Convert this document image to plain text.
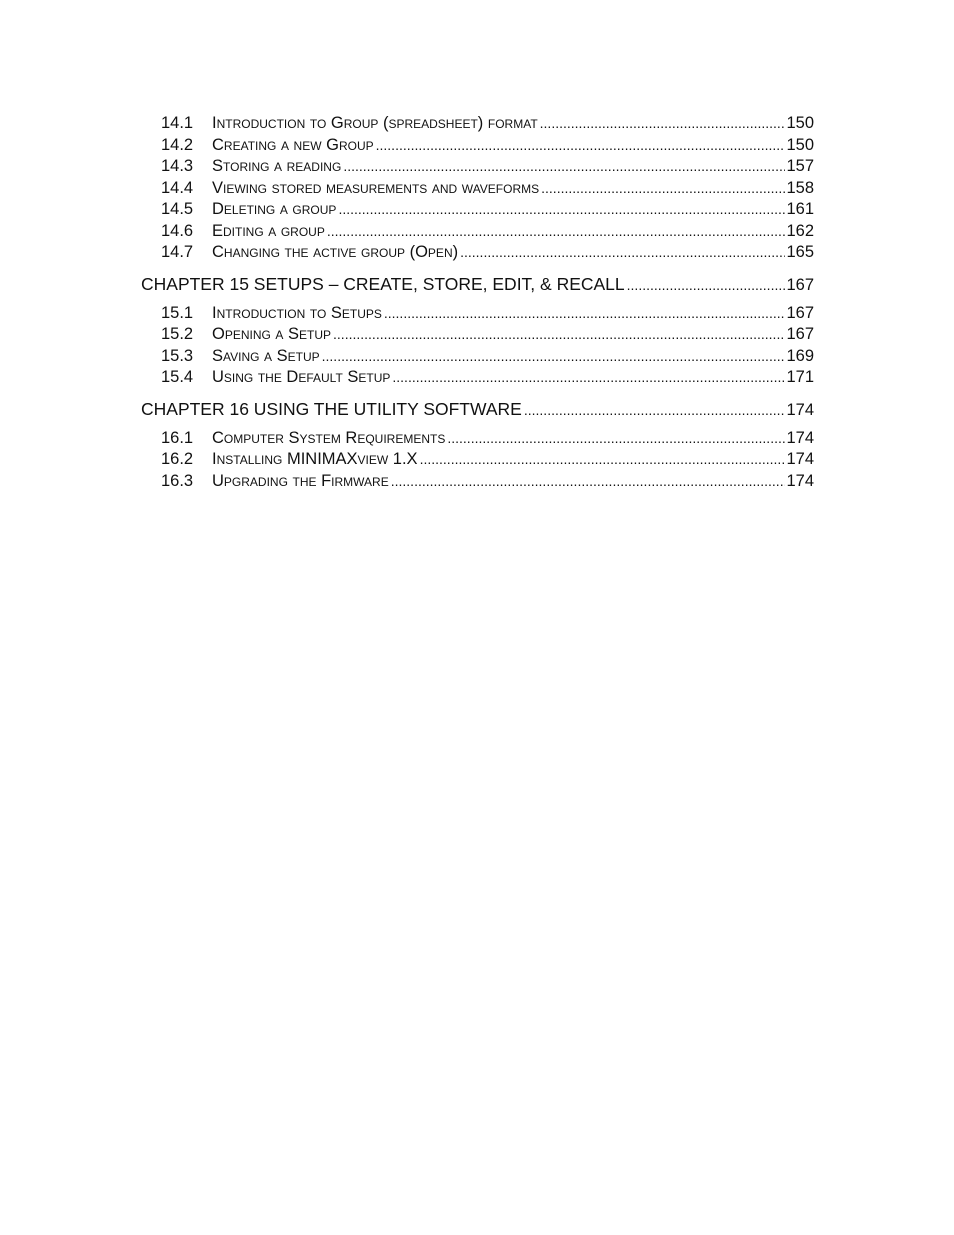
14.1	Introduction to Group (spreadsheet) format .....	150
14.2	Creating a new Group .....	150
14.3	Storing a reading .....	157
14.4	Viewing stored measurements and waveforms .....	158
14.5	Deleting a group .....	161
14.6	Editing a group .....	162
14.7	Changing the active group (Open) .....	165
CHAPTER 15 SETUPS – CREATE, STORE, EDIT, & RECALL .....	167
15.1	Introduction to Setups .....	167
15.2	Opening a Setup .....	167
15.3	Saving a Setup .....	169
15.4	Using the Default Setup .....	171
CHAPTER 16 USING THE UTILITY SOFTWARE .....	174
16.1	Computer System Requirements .....	174
16.2	Installing MINIMAXview 1.X .....	174
16.3	Upgrading the Firmware .....	174
